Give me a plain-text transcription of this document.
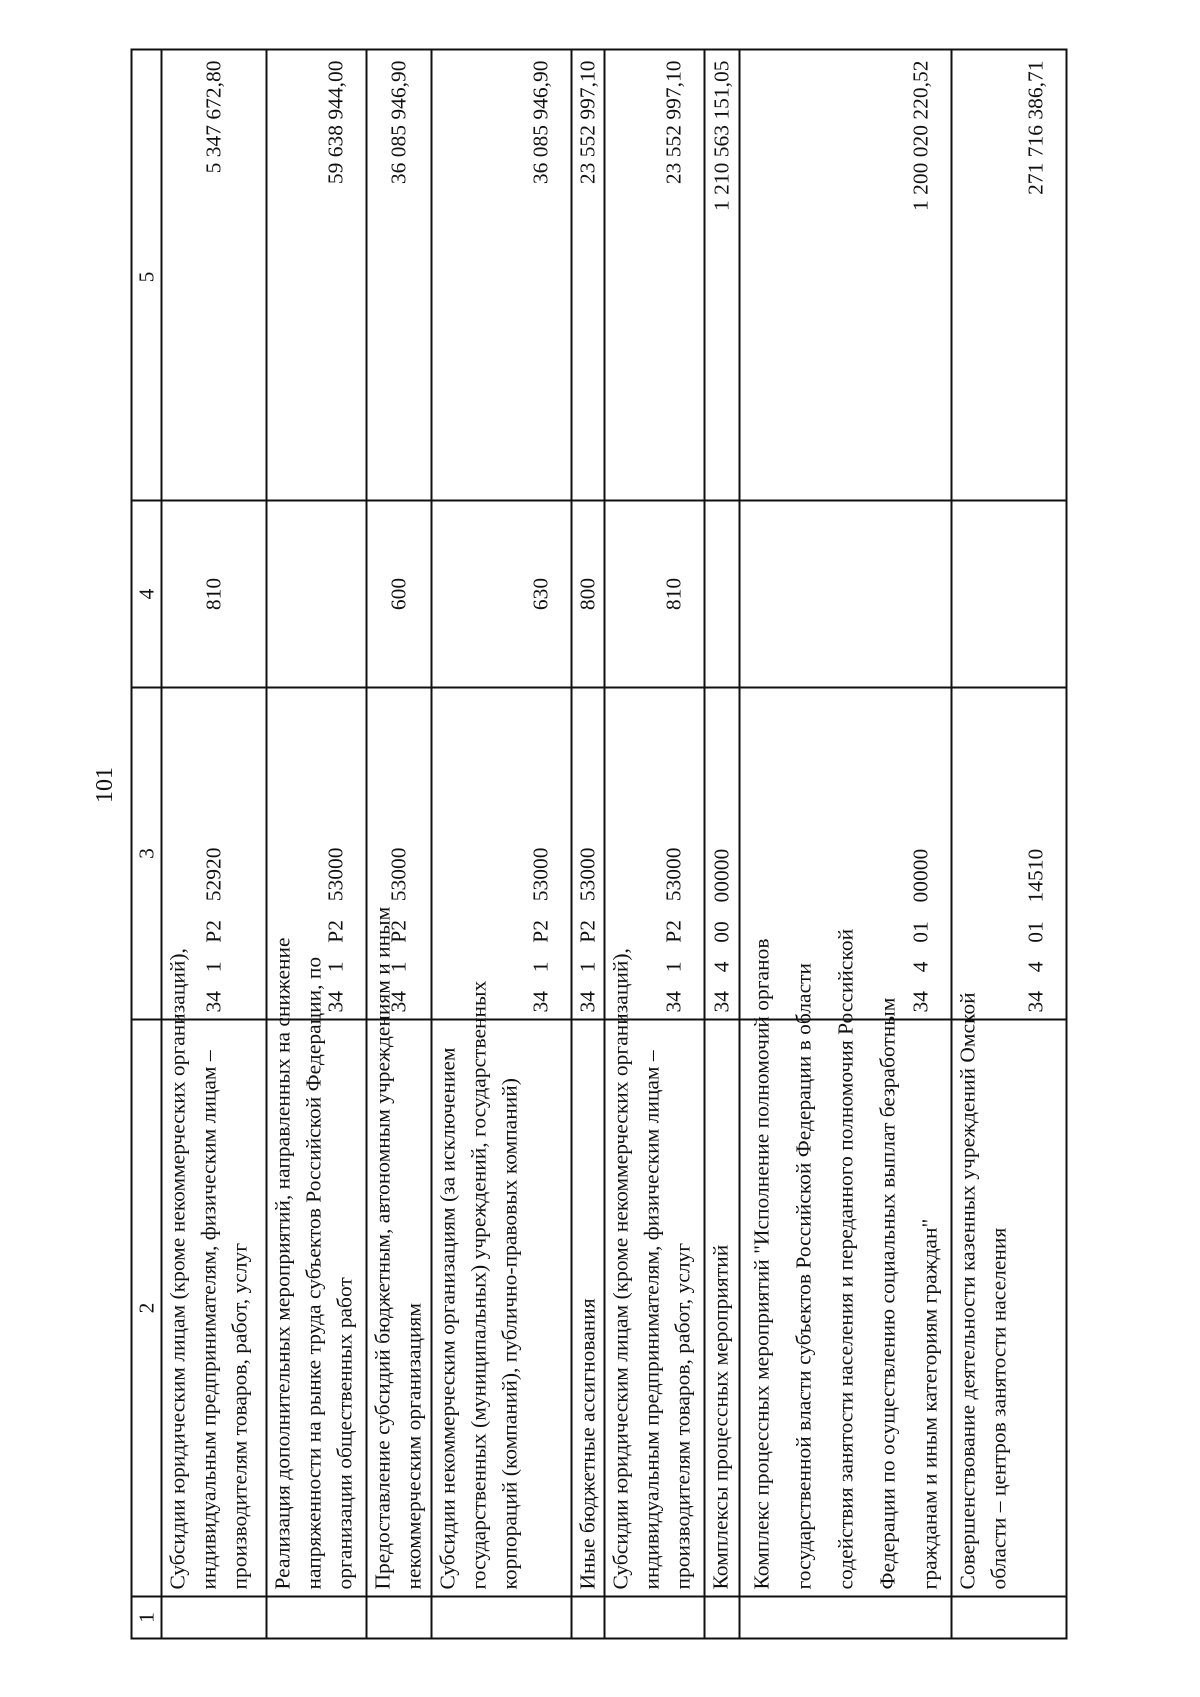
101
1	2	3	4	5

	Субсидии юридическим лицам (кроме некоммерческих организаций), индивидуальным предпринимателям, физическим лицам – производителям товаров, работ, услуг	34  1  P2  52920	810	5 347 672,80

	Реализация дополнительных мероприятий, направленных на снижение напряженности на рынке труда субъектов Российской Федерации, по организации общественных работ	34  1  P2  53000		59 638 944,00

	Предоставление субсидий бюджетным, автономным учреждениям и иным некоммерческим организациям	34  1  P2  53000	600	36 085 946,90

	Субсидии некоммерческим организациям (за исключением государственных (муниципальных) учреждений, государственных корпораций (компаний), публично-правовых компаний)	34  1  P2  53000	630	36 085 946,90

	Иные бюджетные ассигнования	34  1  P2  53000	800	23 552 997,10

	Субсидии юридическим лицам (кроме некоммерческих организаций), индивидуальным предпринимателям, физическим лицам – производителям товаров, работ, услуг	34  1  P2  53000	810	23 552 997,10

	Комплексы процессных мероприятий	34  4  00  00000		1 210 563 151,05

	Комплекс процессных мероприятий "Исполнение полномочий органов государственной власти субъектов Российской Федерации в области содействия занятости населения и переданного полномочия Российской Федерации по осуществлению социальных выплат безработным гражданам и иным категориям граждан"	34  4  01  00000		1 200 020 220,52

	Совершенствование деятельности казенных учреждений Омской области – центров занятости населения	34  4  01  14510		271 716 386,71
